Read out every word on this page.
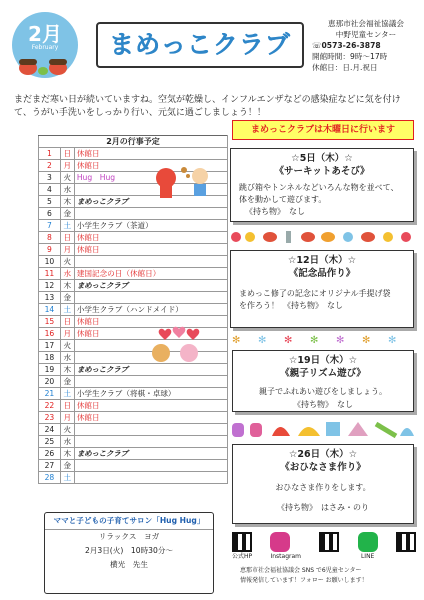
2月
February	まめっこクラブ
恵那市社会福祉協議会
中野児童センター
☏0573-26-3878
開館時間：9時～17時
休館日：日.月.祝日
まだまだ寒い日が続いていますね。空気が乾燥し、インフルエンザなどの感染症などに気を付けて、うがい手洗いをしっかり行い、元気に過ごしましょう！！
2月の行事予定		
1	日	休館日
2	月	休館日
3	火	Hug　Hug
4	水	
5	木	まめっこクラブ
6	金	
7	土	小学生クラブ（茶道）
8	日	休館日
9	月	休館日
10	火	
11	水	建国記念の日（休館日）
12	木	まめっこクラブ
13	金	
14	土	小学生クラブ（ハンドメイド）
15	日	休館日
16	月	休館日
17	火	
18	水	
19	木	まめっこクラブ
20	金	
21	土	小学生クラブ（将棋・卓球）
22	日	休館日
23	月	休館日
24	火	
25	水	
26	木	まめっこクラブ
27	金	
28	土	
ママと子どもの子育てサロン「Hug Hug」
リラックス　ヨガ
2月3日(火)　10時30分～
横光　先生
まめっこクラブは木曜日に行います
☆5日（木）☆
《サーキットあそび》
跳び箱やトンネルなどいろんな物を並べて、
体を動かして遊びます。
《持ち物》　なし
☆12日（木）☆
《記念品作り》
まめっこ修了の記念にオリジナル手提げ袋
を作ろう！　《持ち物》　なし
✻ ✻ ✻ ✻ ✻ ✻ ✻
☆19日（木）☆
《親子リズム遊び》
親子でふれあい遊びをしましょう。
《持ち物》　なし
☆26日（木）☆
《おひなさま作り》
おひなさま作りをします。
《持ち物》　はさみ・のり
公式HP	Instagram	LINE
恵那市社会福祉協議会 SNS で6児童センター
情報発信しています！フォロー お願いします！
